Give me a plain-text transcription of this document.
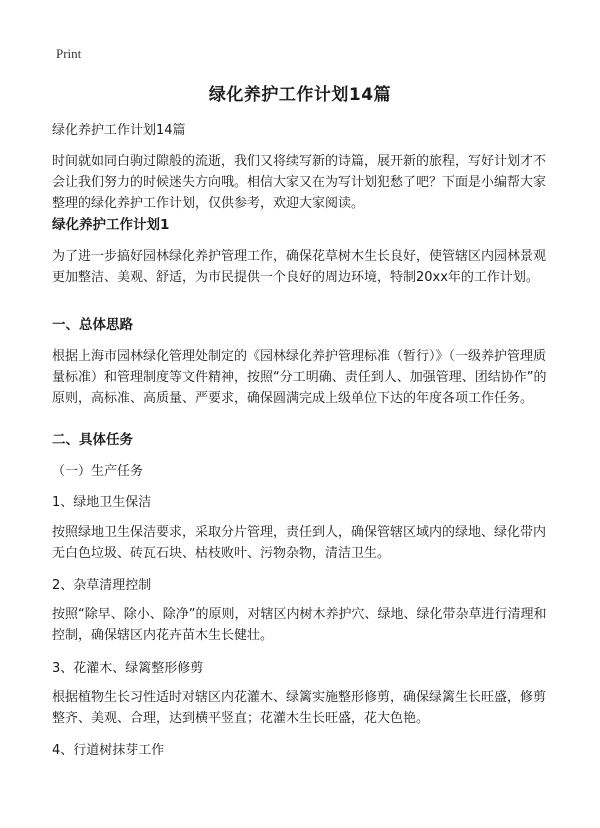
Print
绿化养护工作计划14篇

绿化养护工作计划14篇

时间就如同白驹过隙般的流逝，我们又将续写新的诗篇，展开新的旅程，写好计划才不会让我们努力的时候迷失方向哦。相信大家又在为写计划犯愁了吧？下面是小编帮大家整理的绿化养护工作计划，仅供参考，欢迎大家阅读。

绿化养护工作计划1

为了进一步搞好园林绿化养护管理工作，确保花草树木生长良好，使管辖区内园林景观更加整洁、美观、舒适，为市民提供一个良好的周边环境，特制20xx年的工作计划。

一、总体思路

根据上海市园林绿化管理处制定的《园林绿化养护管理标准（暂行）》（一级养护管理质量标准）和管理制度等文件精神，按照“分工明确、责任到人、加强管理、团结协作”的原则，高标准、高质量、严要求，确保圆满完成上级单位下达的年度各项工作任务。

二、具体任务

（一）生产任务

1、绿地卫生保洁

按照绿地卫生保洁要求，采取分片管理，责任到人，确保管辖区域内的绿地、绿化带内无白色垃圾、砖瓦石块、枯枝败叶、污物杂物，清洁卫生。

2、杂草清理控制

按照“除早、除小、除净”的原则，对辖区内树木养护穴、绿地、绿化带杂草进行清理和控制，确保辖区内花卉苗木生长健壮。

3、花灌木、绿篱整形修剪

根据植物生长习性适时对辖区内花灌木、绿篱实施整形修剪，确保绿篱生长旺盛，修剪整齐、美观、合理，达到横平竖直；花灌木生长旺盛，花大色艳。

4、行道树抹芽工作
